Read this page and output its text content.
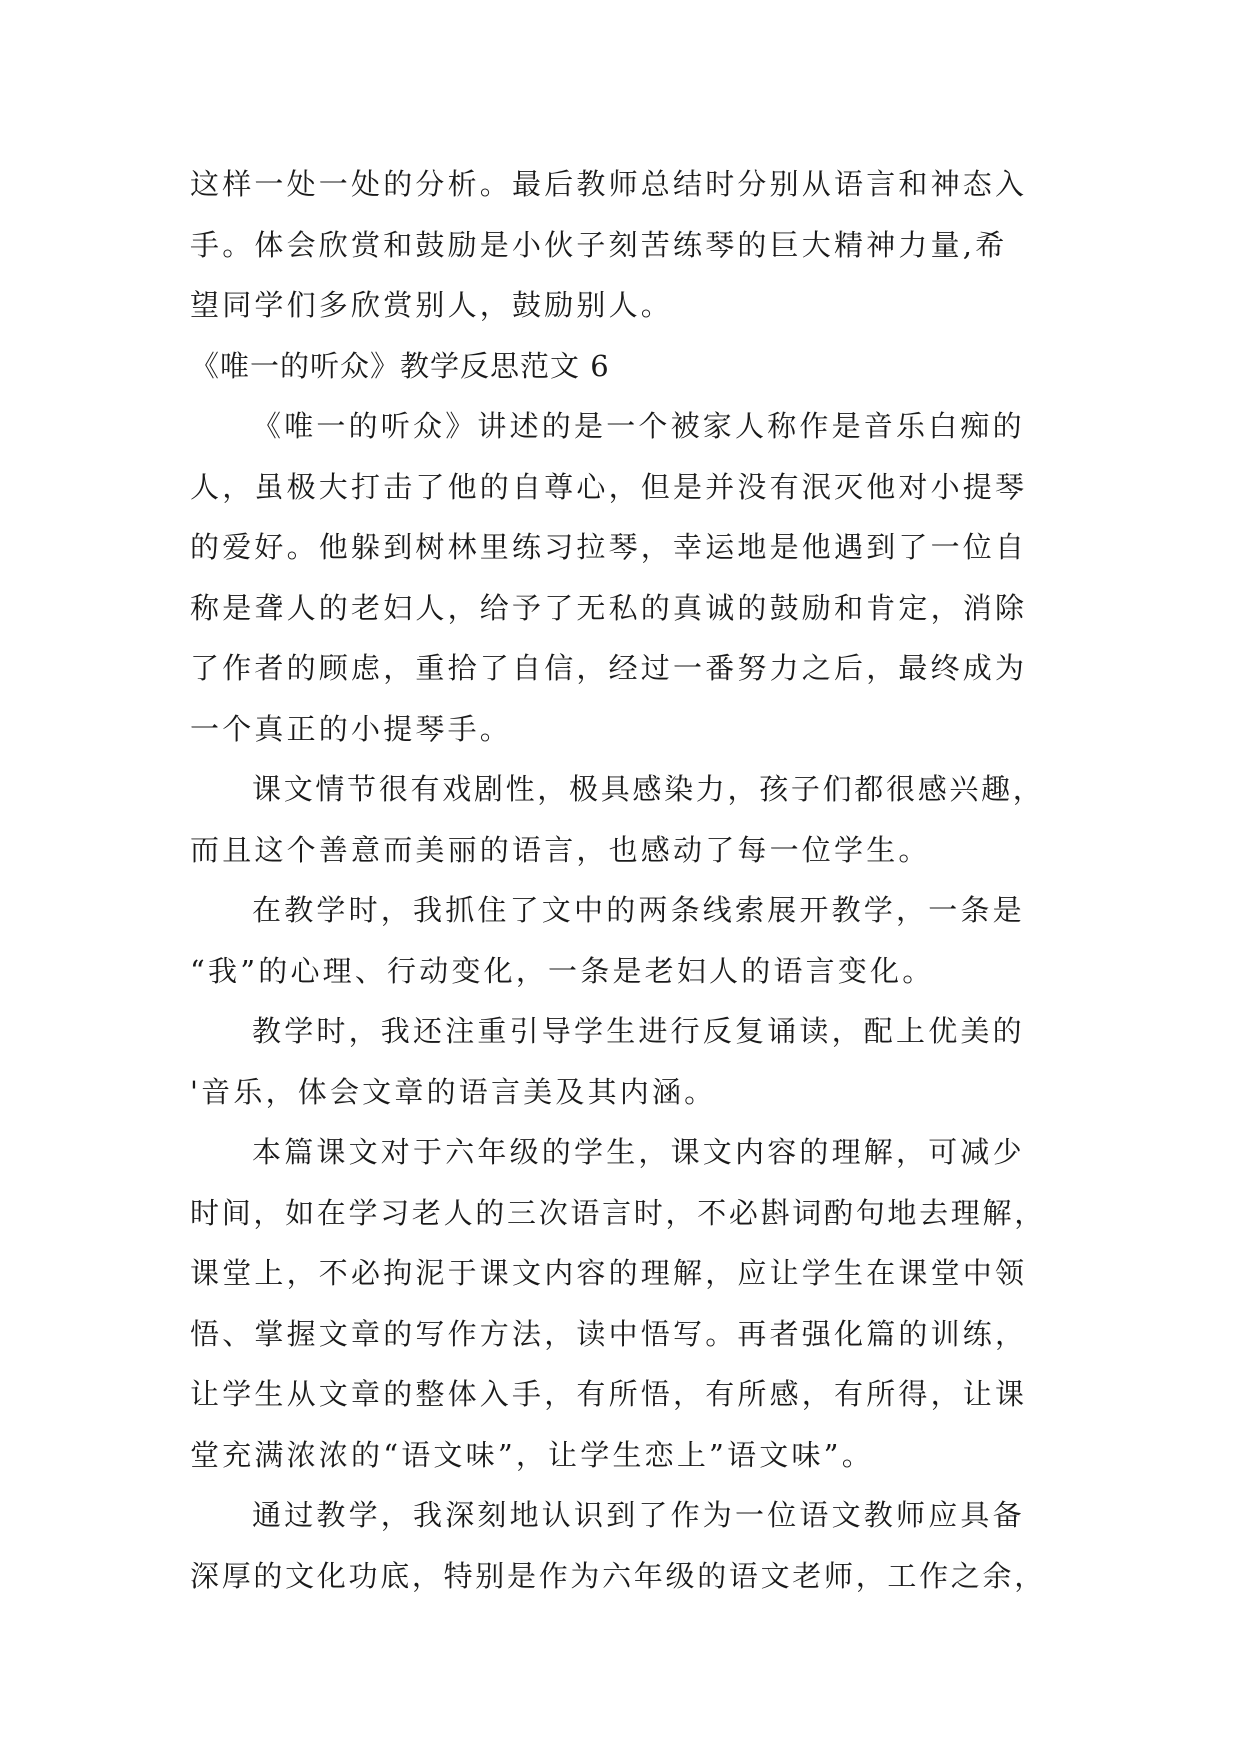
这样一处一处的分析。最后教师总结时分别从语言和神态入
手。体会欣赏和鼓励是小伙子刻苦练琴的巨大精神力量,希
望同学们多欣赏别人，鼓励别人。
《唯一的听众》教学反思范文 6
《唯一的听众》讲述的是一个被家人称作是音乐白痴的
人，虽极大打击了他的自尊心，但是并没有泯灭他对小提琴
的爱好。他躲到树林里练习拉琴，幸运地是他遇到了一位自
称是聋人的老妇人，给予了无私的真诚的鼓励和肯定，消除
了作者的顾虑，重拾了自信，经过一番努力之后，最终成为
一个真正的小提琴手。
课文情节很有戏剧性，极具感染力，孩子们都很感兴趣，
而且这个善意而美丽的语言，也感动了每一位学生。
在教学时，我抓住了文中的两条线索展开教学，一条是
“我”的心理、行动变化，一条是老妇人的语言变化。
教学时，我还注重引导学生进行反复诵读，配上优美的
'音乐，体会文章的语言美及其内涵。
本篇课文对于六年级的学生，课文内容的理解，可减少
时间，如在学习老人的三次语言时，不必斟词酌句地去理解，
课堂上，不必拘泥于课文内容的理解，应让学生在课堂中领
悟、掌握文章的写作方法，读中悟写。再者强化篇的训练，
让学生从文章的整体入手，有所悟，有所感，有所得，让课
堂充满浓浓的“语文味”，让学生恋上”语文味”。
通过教学，我深刻地认识到了作为一位语文教师应具备
深厚的文化功底，特别是作为六年级的语文老师，工作之余，
